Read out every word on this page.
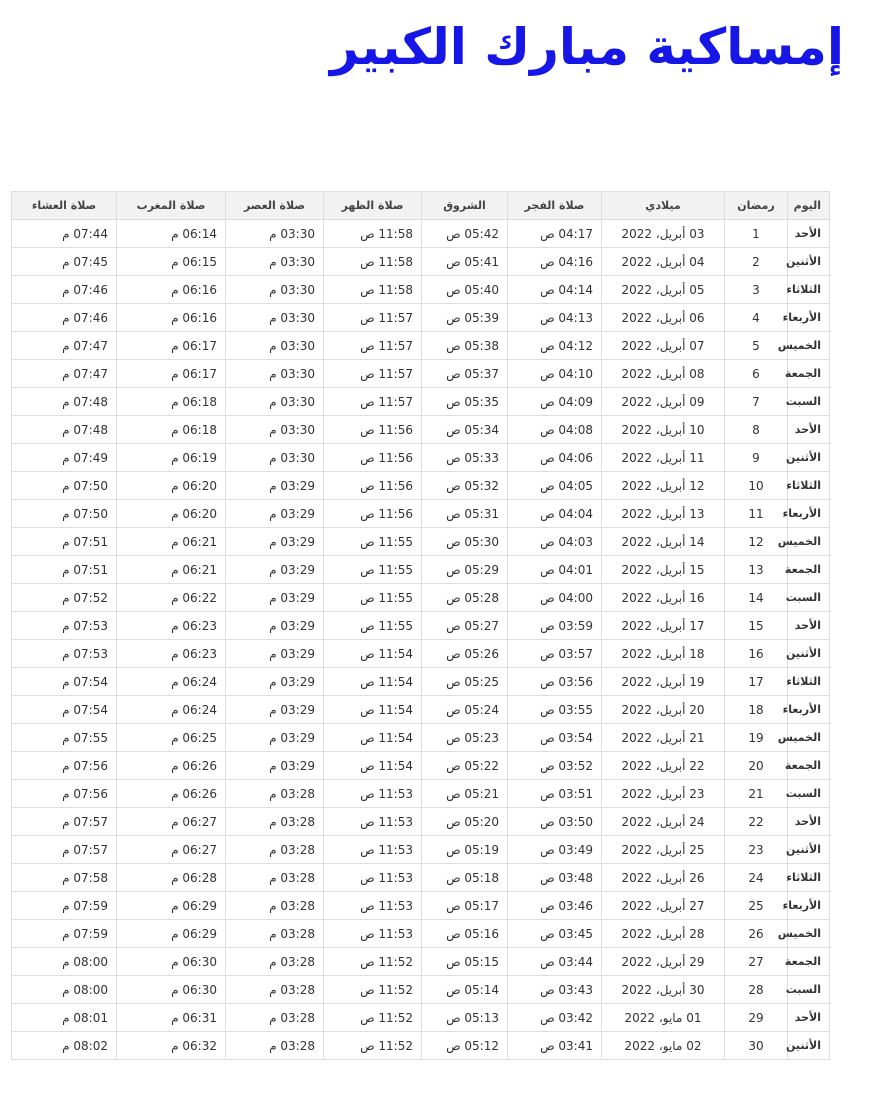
إمساكية مبارك الكبير
اليوم	رمضان	ميلادي	صلاة الفجر	الشروق	صلاة الظهر	صلاة العصر	صلاة المغرب	صلاة العشاء
الأحد	1	03 أبريل، 2022	04:17 ص	05:42 ص	11:58 ص	03:30 م	06:14 م	07:44 م
الأثنين	2	04 أبريل، 2022	04:16 ص	05:41 ص	11:58 ص	03:30 م	06:15 م	07:45 م
الثلاثاء	3	05 أبريل، 2022	04:14 ص	05:40 ص	11:58 ص	03:30 م	06:16 م	07:46 م
الأربعاء	4	06 أبريل، 2022	04:13 ص	05:39 ص	11:57 ص	03:30 م	06:16 م	07:46 م
الخميس	5	07 أبريل، 2022	04:12 ص	05:38 ص	11:57 ص	03:30 م	06:17 م	07:47 م
الجمعة	6	08 أبريل، 2022	04:10 ص	05:37 ص	11:57 ص	03:30 م	06:17 م	07:47 م
السبت	7	09 أبريل، 2022	04:09 ص	05:35 ص	11:57 ص	03:30 م	06:18 م	07:48 م
الأحد	8	10 أبريل، 2022	04:08 ص	05:34 ص	11:56 ص	03:30 م	06:18 م	07:48 م
الأثنين	9	11 أبريل، 2022	04:06 ص	05:33 ص	11:56 ص	03:30 م	06:19 م	07:49 م
الثلاثاء	10	12 أبريل، 2022	04:05 ص	05:32 ص	11:56 ص	03:29 م	06:20 م	07:50 م
الأربعاء	11	13 أبريل، 2022	04:04 ص	05:31 ص	11:56 ص	03:29 م	06:20 م	07:50 م
الخميس	12	14 أبريل، 2022	04:03 ص	05:30 ص	11:55 ص	03:29 م	06:21 م	07:51 م
الجمعة	13	15 أبريل، 2022	04:01 ص	05:29 ص	11:55 ص	03:29 م	06:21 م	07:51 م
السبت	14	16 أبريل، 2022	04:00 ص	05:28 ص	11:55 ص	03:29 م	06:22 م	07:52 م
الأحد	15	17 أبريل، 2022	03:59 ص	05:27 ص	11:55 ص	03:29 م	06:23 م	07:53 م
الأثنين	16	18 أبريل، 2022	03:57 ص	05:26 ص	11:54 ص	03:29 م	06:23 م	07:53 م
الثلاثاء	17	19 أبريل، 2022	03:56 ص	05:25 ص	11:54 ص	03:29 م	06:24 م	07:54 م
الأربعاء	18	20 أبريل، 2022	03:55 ص	05:24 ص	11:54 ص	03:29 م	06:24 م	07:54 م
الخميس	19	21 أبريل، 2022	03:54 ص	05:23 ص	11:54 ص	03:29 م	06:25 م	07:55 م
الجمعة	20	22 أبريل، 2022	03:52 ص	05:22 ص	11:54 ص	03:29 م	06:26 م	07:56 م
السبت	21	23 أبريل، 2022	03:51 ص	05:21 ص	11:53 ص	03:28 م	06:26 م	07:56 م
الأحد	22	24 أبريل، 2022	03:50 ص	05:20 ص	11:53 ص	03:28 م	06:27 م	07:57 م
الأثنين	23	25 أبريل، 2022	03:49 ص	05:19 ص	11:53 ص	03:28 م	06:27 م	07:57 م
الثلاثاء	24	26 أبريل، 2022	03:48 ص	05:18 ص	11:53 ص	03:28 م	06:28 م	07:58 م
الأربعاء	25	27 أبريل، 2022	03:46 ص	05:17 ص	11:53 ص	03:28 م	06:29 م	07:59 م
الخميس	26	28 أبريل، 2022	03:45 ص	05:16 ص	11:53 ص	03:28 م	06:29 م	07:59 م
الجمعة	27	29 أبريل، 2022	03:44 ص	05:15 ص	11:52 ص	03:28 م	06:30 م	08:00 م
السبت	28	30 أبريل، 2022	03:43 ص	05:14 ص	11:52 ص	03:28 م	06:30 م	08:00 م
الأحد	29	01 مايو، 2022	03:42 ص	05:13 ص	11:52 ص	03:28 م	06:31 م	08:01 م
الأثنين	30	02 مايو، 2022	03:41 ص	05:12 ص	11:52 ص	03:28 م	06:32 م	08:02 م
